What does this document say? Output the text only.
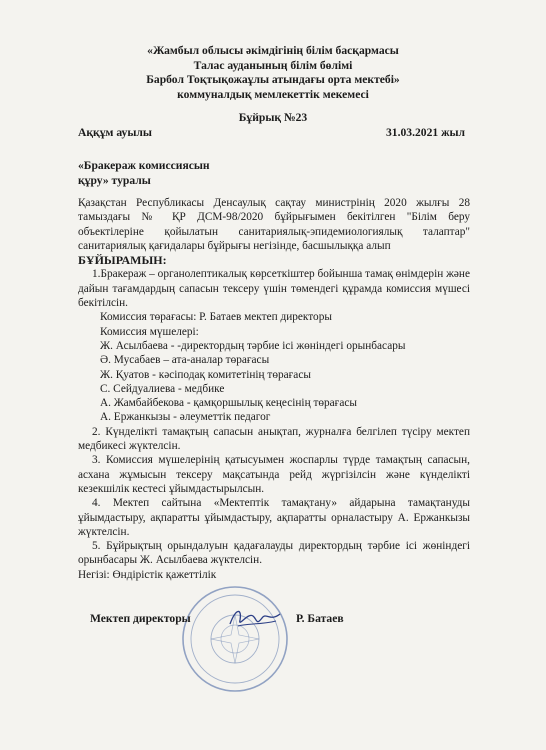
«Жамбыл облысы әкімдігінің білім басқармасы
Талас ауданының білім бөлімі
Барбол Тоқтықожаұлы атындағы орта мектебі»
коммуналдық мемлекеттік мекемесі
Бұйрық №23
Аққұм ауылы	31.03.2021 жыл
«Бракераж комиссиясын
құру» туралы

Қазақстан Республикасы Денсаулық сақтау министрінің 2020 жылғы 28 тамыздағы № ҚР ДСМ-98/2020 бұйрығымен бекітілген "Білім беру объектілеріне қойылатын санитариялық-эпидемиологиялық талаптар" санитариялық қағидалары бұйрығы негізінде, басшылыққа алып

БҰЙЫРАМЫН:

1.Бракераж – органолептикалық көрсеткіштер бойынша тамақ өнімдерін және дайын тағамдардың сапасын тексеру үшін төмендегі құрамда комиссия мүшесі бекітілсін.

Комиссия төрағасы: Р. Батаев мектеп директоры

Комиссия мүшелері:

Ж. Асылбаева - -директордың тәрбие ісі жөніндегі орынбасары

Ә. Мусабаев – ата-аналар төрағасы

Ж. Қуатов - кәсіподақ комитетінің төрағасы

С. Сейдуалиева - медбике

А. Жамбайбекова - қамқоршылық кеңесінің төрағасы

А. Ержанкызы - әлеуметтік педагог

2. Күнделікті тамақтың сапасын анықтап, журналға белгілеп түсіру мектеп медбикесі жүктелсін.

3. Комиссия мүшелерінің қатысуымен жоспарлы түрде тамақтың сапасын, асхана жұмысын тексеру мақсатында рейд жүргізілсін және күнделікті кезекшілік кестесі ұйымдастырылсын.

4. Мектеп сайтына «Мектептік тамақтану» айдарына тамақтануды ұйымдастыру, ақпаратты ұйымдастыру, ақпаратты орналастыру А. Ержанкызы жүктелсін.

5. Бұйрықтың орындалуын қадағалауды директордың тәрбие ісі жөніндегі орынбасары Ж. Асылбаева жүктелсін.

Негізі: Өндірістік қажеттілік

Мектеп директоры	Р. Батаев
